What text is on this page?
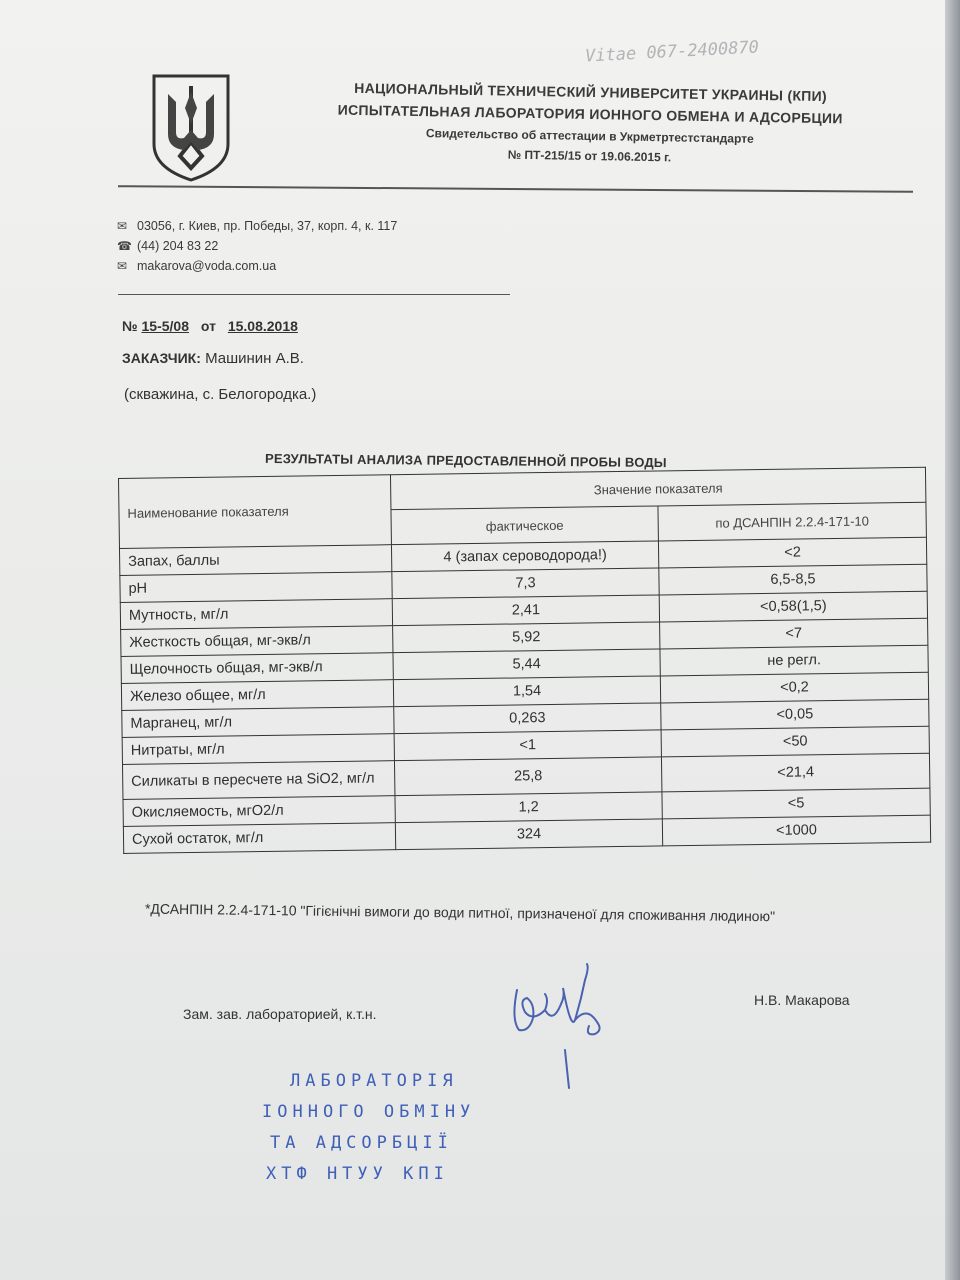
Vitae 067-2400870
НАЦИОНАЛЬНЫЙ ТЕХНИЧЕСКИЙ УНИВЕРСИТЕТ УКРАИНЫ (КПИ)
ИСПЫТАТЕЛЬНАЯ ЛАБОРАТОРИЯ ИОННОГО ОБМЕНА И АДСОРБЦИИ
Свидетельство об аттестации в Укрметртестстандарте
№ ПТ-215/15 от 19.06.2015 г.
✉ 03056, г. Киев, пр. Победы, 37, корп. 4, к. 117
☎ (44) 204 83 22
✉ makarova@voda.com.ua
№ 15-5/08 от 15.08.2018
ЗАКАЗЧИК: Машинин А.В.
(скважина, с. Белогородка.)
РЕЗУЛЬТАТЫ АНАЛИЗА ПРЕДОСТАВЛЕННОЙ ПРОБЫ ВОДЫ
Наименование показателя	Значение показателя	
	фактическое	по ДСАНПІН 2.2.4-171-10
Запах, баллы	4 (запах сероводорода!)	<2
pH	7,3	6,5-8,5
Мутность, мг/л	2,41	<0,58(1,5)
Жесткость общая, мг-экв/л	5,92	<7
Щелочность общая, мг-экв/л	5,44	не регл.
Железо общее, мг/л	1,54	<0,2
Марганец, мг/л	0,263	<0,05
Нитраты, мг/л	<1	<50
Силикаты в пересчете на SiO2, мг/л	25,8	<21,4
Окисляемость, мгО2/л	1,2	<5
Сухой остаток, мг/л	324	<1000
*ДСАНПІН 2.2.4-171-10 "Гігієнічні вимоги до води питної, призначеної для споживання людиною"
Зам. зав. лабораторией, к.т.н.
Н.В. Макарова
ЛАБОРАТОРІЯ
ІОННОГО ОБМІНУ
ТА АДСОРБЦІЇ
ХТФ НТУУ КПІ
